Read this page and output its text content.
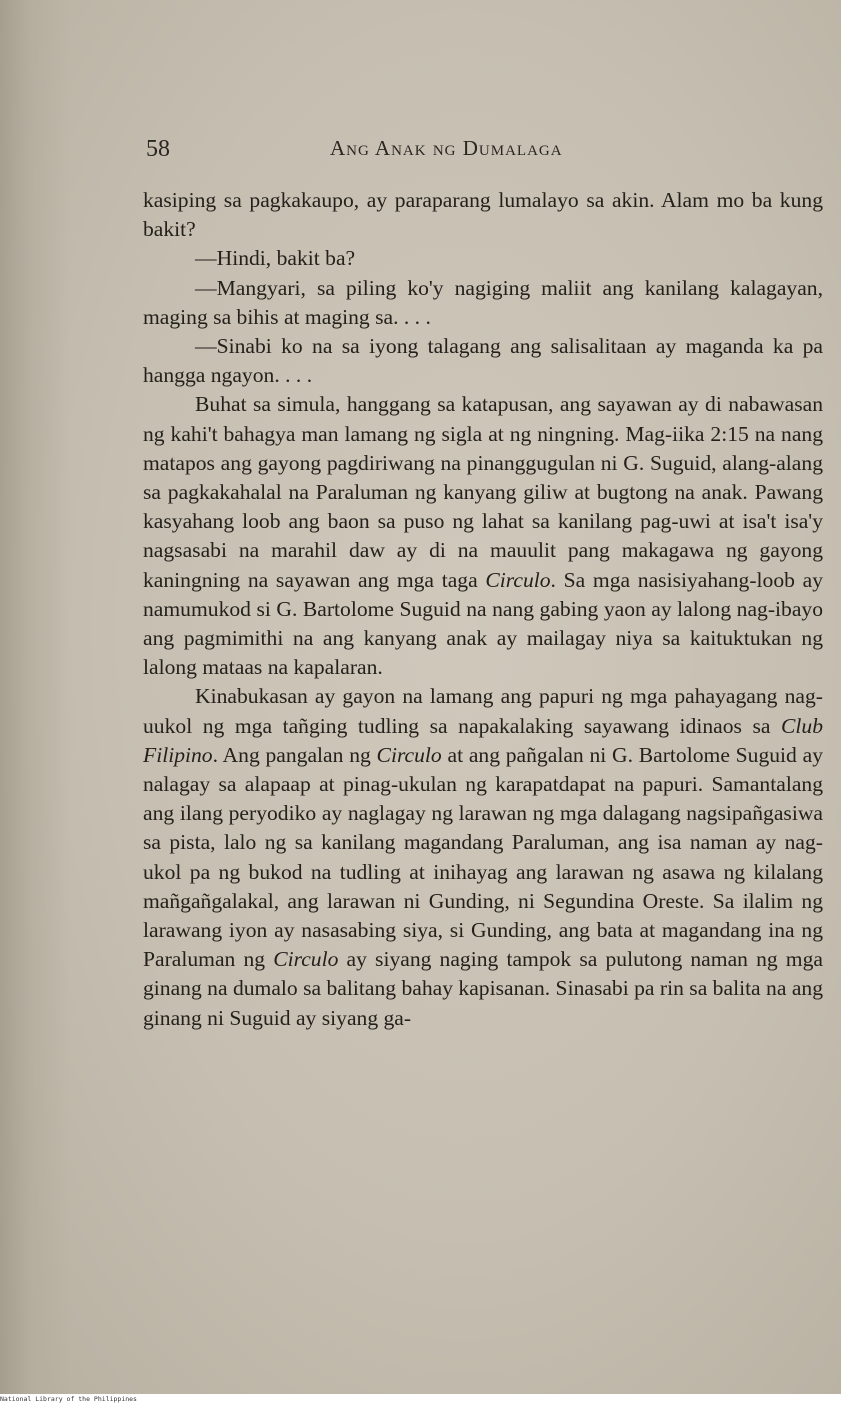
58	Ang Anak ng Dumalaga

kasiping sa pagkakaupo, ay paraparang lumalayo sa akin. Alam mo ba kung bakit?

—Hindi, bakit ba?

—Mangyari, sa piling ko'y nagiging maliit ang kanilang kalagayan, maging sa bihis at maging sa. . . .

—Sinabi ko na sa iyong talagang ang salisalitaan ay maganda ka pa hangga ngayon. . . .

Buhat sa simula, hanggang sa katapusan, ang sayawan ay di nabawasan ng kahi't bahagya man lamang ng sigla at ng ningning. Mag-iika 2:15 na nang matapos ang gayong pagdiriwang na pinanggugulan ni G. Suguid, alang-alang sa pagkakahalal na Paraluman ng kanyang giliw at bugtong na anak. Pawang kasyahang loob ang baon sa puso ng lahat sa kanilang pag-uwi at isa't isa'y nagsasabi na marahil daw ay di na mauulit pang makagawa ng gayong kaningning na sayawan ang mga taga Circulo. Sa mga nasisiyahang-loob ay namumukod si G. Bartolome Suguid na nang gabing yaon ay lalong nag-ibayo ang pagmimithi na ang kanyang anak ay mailagay niya sa kaituktukan ng lalong mataas na kapalaran.

Kinabukasan ay gayon na lamang ang papuri ng mga pahayagang nag-uukol ng mga tañging tudling sa napakalaking sayawang idinaos sa Club Filipino. Ang pangalan ng Circulo at ang pañgalan ni G. Bartolome Suguid ay nalagay sa alapaap at pinag-ukulan ng karapatdapat na papuri. Samantalang ang ilang peryodiko ay naglagay ng larawan ng mga dalagang nagsipañgasiwa sa pista, lalo ng sa kanilang magandang Paraluman, ang isa naman ay nag-ukol pa ng bukod na tudling at inihayag ang larawan ng asawa ng kilalang mañgañgalakal, ang larawan ni Gunding, ni Segundina Oreste. Sa ilalim ng larawang iyon ay nasasabing siya, si Gunding, ang bata at magandang ina ng Paraluman ng Circulo ay siyang naging tampok sa pulutong naman ng mga ginang na dumalo sa balitang bahay kapisanan. Sinasabi pa rin sa balita na ang ginang ni Suguid ay siyang ga-

National Library of the Philippines
